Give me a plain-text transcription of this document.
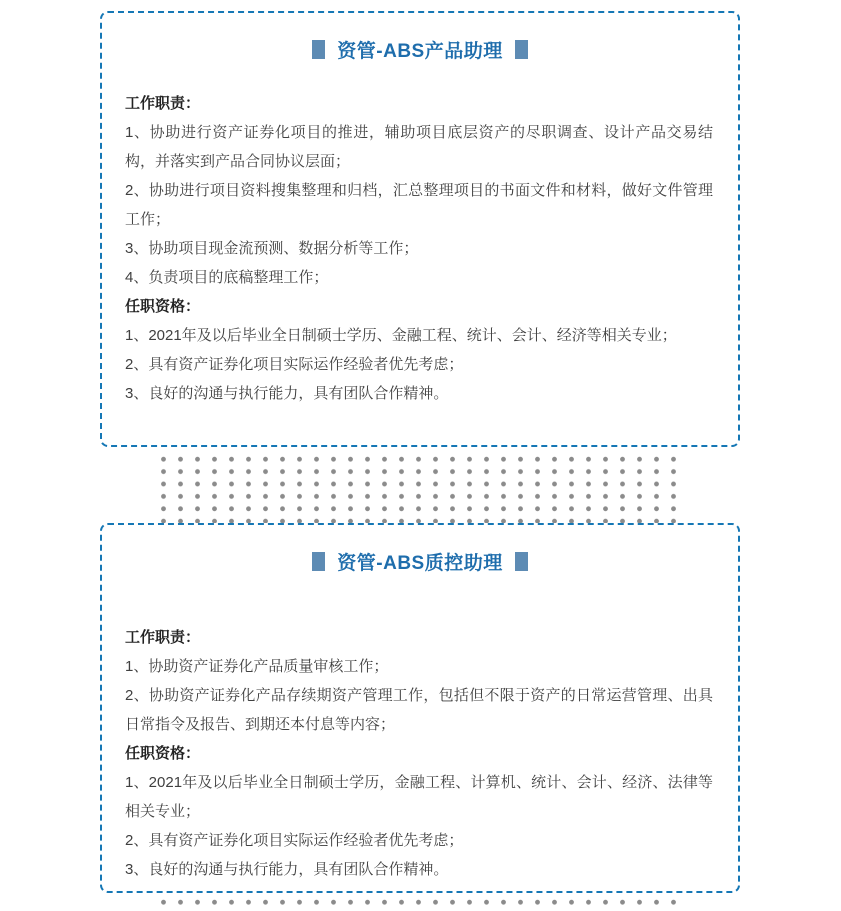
资管-ABS产品助理

工作职责：

1、协助进行资产证券化项目的推进，辅助项目底层资产的尽职调查、设计产品交易结构，并落实到产品合同协议层面；

2、协助进行项目资料搜集整理和归档，汇总整理项目的书面文件和材料，做好文件管理工作；

3、协助项目现金流预测、数据分析等工作；

4、负责项目的底稿整理工作；

任职资格：

1、2021年及以后毕业全日制硕士学历、金融工程、统计、会计、经济等相关专业；

2、具有资产证券化项目实际运作经验者优先考虑；

3、良好的沟通与执行能力，具有团队合作精神。

资管-ABS质控助理

工作职责：

1、协助资产证券化产品质量审核工作；

2、协助资产证券化产品存续期资产管理工作，包括但不限于资产的日常运营管理、出具日常指令及报告、到期还本付息等内容；

任职资格：

1、2021年及以后毕业全日制硕士学历，金融工程、计算机、统计、会计、经济、法律等相关专业；

2、具有资产证券化项目实际运作经验者优先考虑；

3、良好的沟通与执行能力，具有团队合作精神。
